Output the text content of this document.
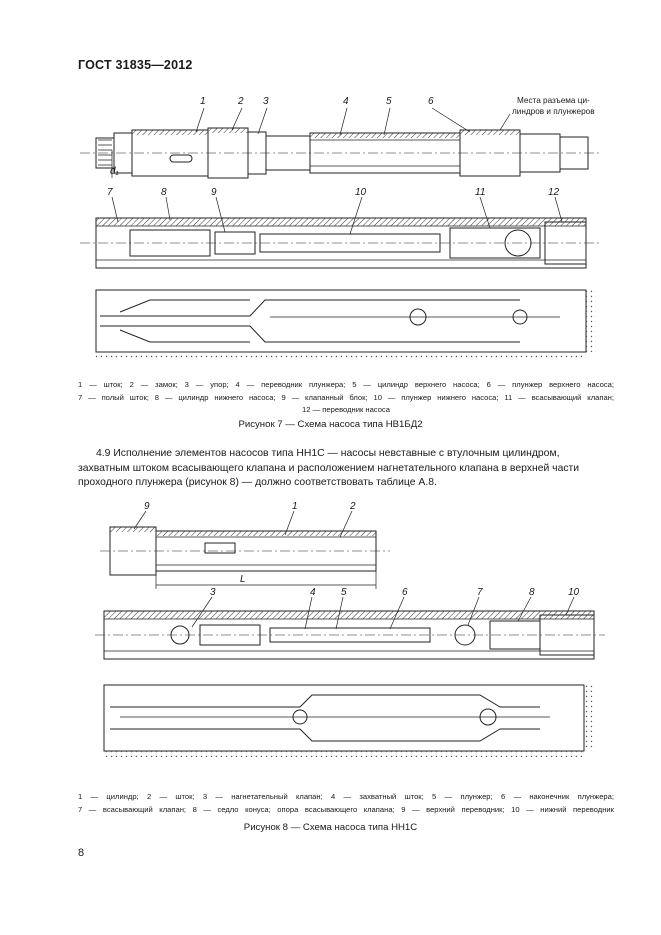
ГОСТ 31835—2012
d₁
1	2 3	4	5	6
7	8	9	10	11	12
Места разъема ци-
линдров и плунжеров
1 — шток; 2 — замок; 3 — упор; 4 — переводник плунжера; 5 — цилиндр верхнего насоса; 6 — плунжер верхнего насоса;
7 — полый шток; 8 — цилиндр нижнего насоса; 9 — клапанный блок; 10 — плунжер нижнего насоса; 11 — всасывающий клапан;
12 — переводник насоса
Рисунок 7 — Схема насоса типа НВ1БД2
4.9 Исполнение элементов насосов типа НН1С — насосы невставные с втулочным цилиндром,
захватным штоком всасывающего клапана и расположением нагнетательного клапана в верхней части
проходного плунжера (рисунок 8) — должно соответствовать таблице А.8.
L
9	1	2
3	4	5	6	7	8	10
1 — цилиндр; 2 — шток; 3 — нагнетательный клапан; 4 — захватный шток; 5 — плунжер; 6 — наконечник плунжера;
7 — всасывающий клапан; 8 — седло конуса; опора всасывающего клапана; 9 — верхний переводник; 10 — нижний переводник
Рисунок 8 — Схема насоса типа НН1С
8
